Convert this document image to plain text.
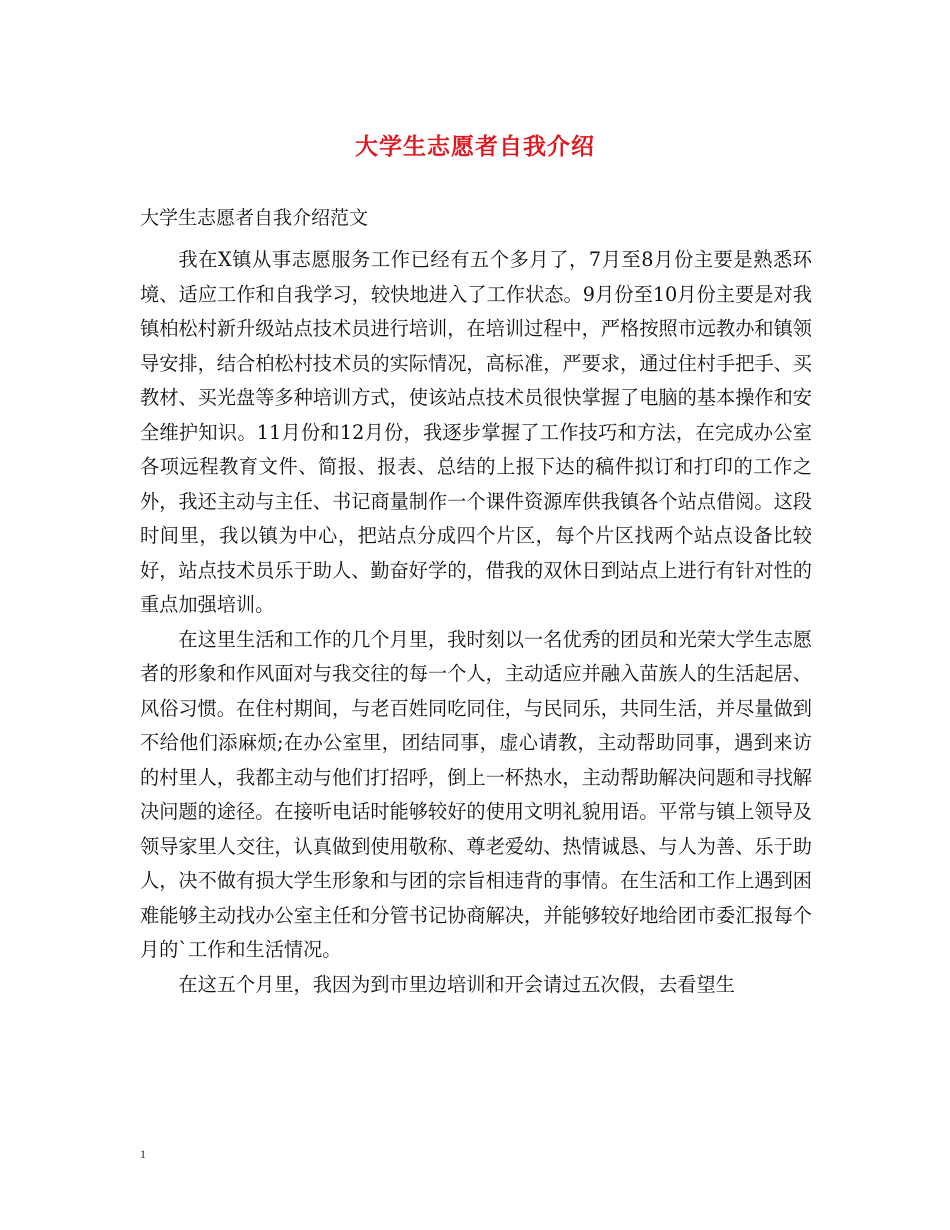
大学生志愿者自我介绍
大学生志愿者自我介绍范文

我在X镇从事志愿服务工作已经有五个多月了，7月至8月份主要是熟悉环境、适应工作和自我学习，较快地进入了工作状态。9月份至10月份主要是对我镇柏松村新升级站点技术员进行培训，在培训过程中，严格按照市远教办和镇领导安排，结合柏松村技术员的实际情况，高标准，严要求，通过住村手把手、买教材、买光盘等多种培训方式，使该站点技术员很快掌握了电脑的基本操作和安全维护知识。11月份和12月份，我逐步掌握了工作技巧和方法，在完成办公室各项远程教育文件、简报、报表、总结的上报下达的稿件拟订和打印的工作之外，我还主动与主任、书记商量制作一个课件资源库供我镇各个站点借阅。这段时间里，我以镇为中心，把站点分成四个片区，每个片区找两个站点设备比较好，站点技术员乐于助人、勤奋好学的，借我的双休日到站点上进行有针对性的重点加强培训。

在这里生活和工作的几个月里，我时刻以一名优秀的团员和光荣大学生志愿者的形象和作风面对与我交往的每一个人，主动适应并融入苗族人的生活起居、风俗习惯。在住村期间，与老百姓同吃同住，与民同乐，共同生活，并尽量做到不给他们添麻烦;在办公室里，团结同事，虚心请教，主动帮助同事，遇到来访的村里人，我都主动与他们打招呼，倒上一杯热水，主动帮助解决问题和寻找解决问题的途径。在接听电话时能够较好的使用文明礼貌用语。平常与镇上领导及领导家里人交往，认真做到使用敬称、尊老爱幼、热情诚恳、与人为善、乐于助人，决不做有损大学生形象和与团的宗旨相违背的事情。在生活和工作上遇到困难能够主动找办公室主任和分管书记协商解决，并能够较好地给团市委汇报每个月的`工作和生活情况。

在这五个月里，我因为到市里边培训和开会请过五次假，去看望生

1
